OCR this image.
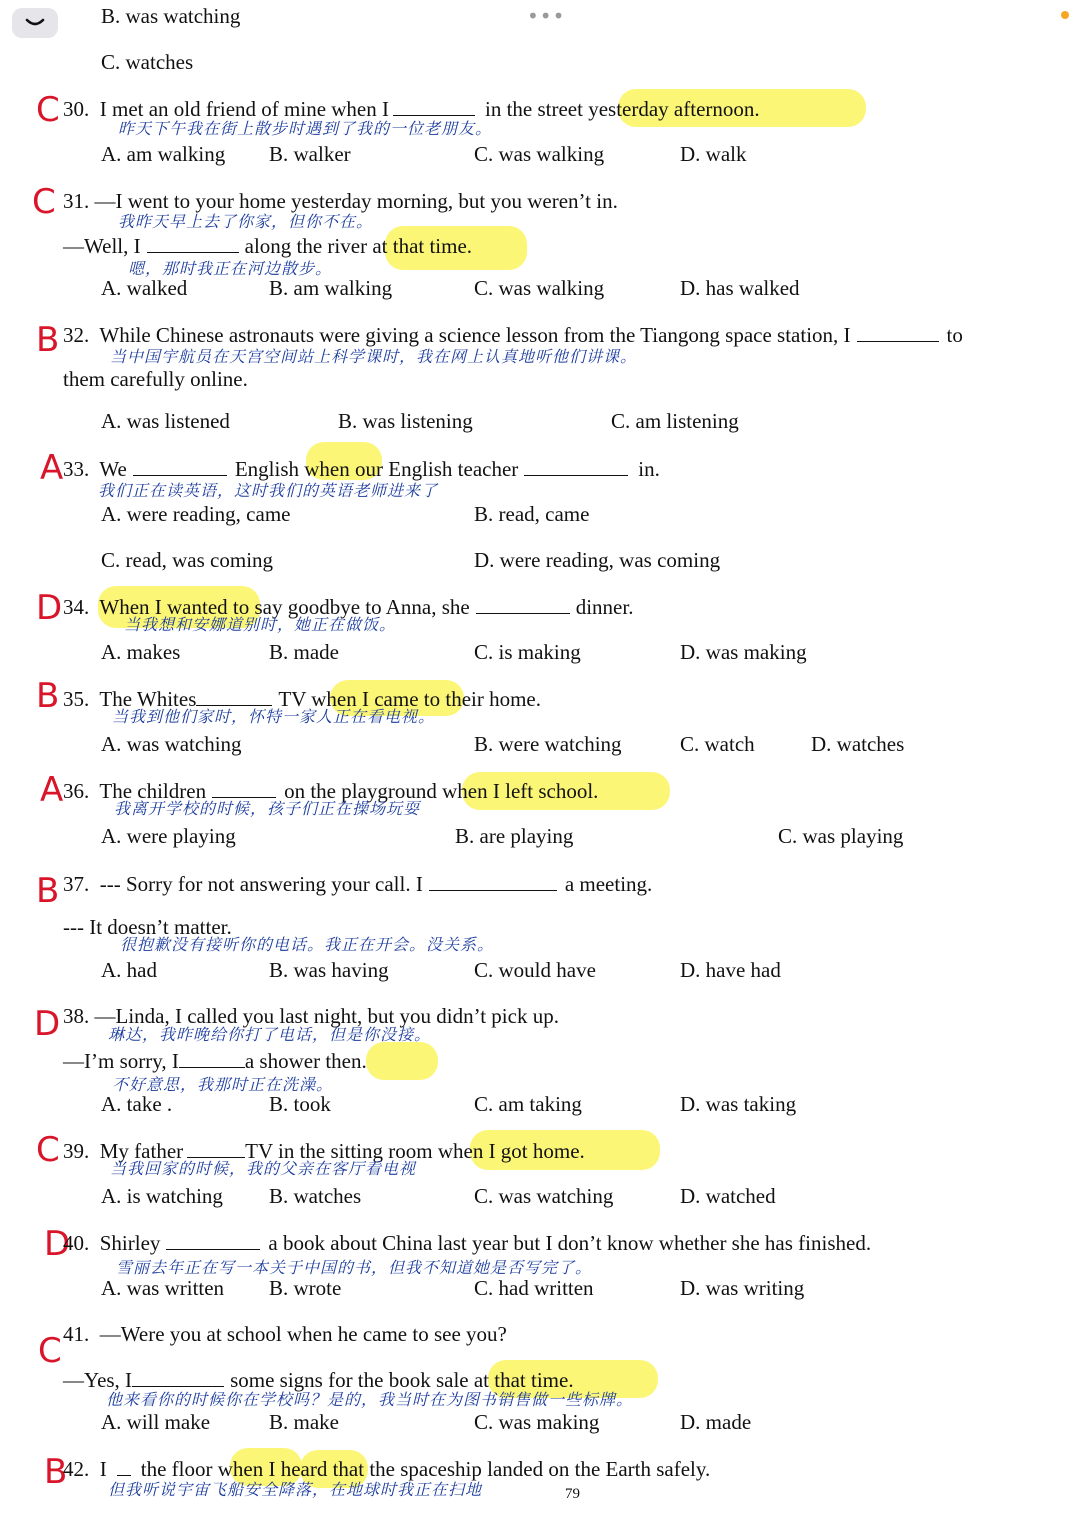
•••
B. was watching
C. watches
C 30. I met an old friend of mine when I	in the street yesterday afternoon.
昨天下午我在街上散步时遇到了我的一位老朋友。
A. am walking B. walker	C. was walking	D. walk
C 31. —I went to your home yesterday morning, but you weren’t in.
我昨天早上去了你家，但你不在。
—Well, I	along the river at that time.
嗯，那时我正在河边散步。
A. walked	B. am walking	C. was walking	D. has walked
B 32. While Chinese astronauts were giving a science lesson from the Tiangong space station, I	to
当中国宇航员在天宫空间站上科学课时，我在网上认真地听他们讲课。
them carefully online.
A. was listened	B. was listening	C. am listening
A 33. We	English when our English teacher	in.
我们正在读英语，这时我们的英语老师进来了
A. were reading, came	B. read, came
C. read, was coming	D. were reading, was coming
D 34. When I wanted to say goodbye to Anna, she	dinner.
当我想和安娜道别时，她正在做饭。
A. makes	B. made	C. is making	D. was making
B 35. The Whites	TV when I came to their home.
当我到他们家时，怀特一家人正在看电视。
A. was watching	B. were watching	C. watch	D. watches
A 36. The children	on the playground when I left school.
我离开学校的时候，孩子们正在操场玩耍
A. were playing	B. are playing	C. was playing
B 37. --- Sorry for not answering your call. I	a meeting.
--- It doesn’t matter.
很抱歉没有接听你的电话。我正在开会。没关系。
A. had	B. was having	C. would have	D. have had
D 38. —Linda, I called you last night, but you didn’t pick up.
琳达，我昨晚给你打了电话，但是你没接。
—I’m sorry, I	a shower then.
不好意思，我那时正在洗澡。
A. take .	B. took	C. am taking	D. was taking
C 39. My father	TV in the sitting room when I got home.
当我回家的时候，我的父亲在客厅看电视
A. is watching B. watches	C. was watching	D. watched
D
40. Shirley	a book about China last year but I don’t know whether she has finished.
雪丽去年正在写一本关于中国的书，但我不知道她是否写完了。
A. was written B. wrote	C. had written	D. was writing
C 41. —Were you at school when he came to see you?
—Yes, I	some signs for the book sale at that time.
他来看你的时候你在学校吗？是的，我当时在为图书销售做一些标牌。
A. will make	B. make	C. was making	D. made
B
42. I the floor when I heard that the spaceship landed on the Earth safely.
但我听说宇宙飞船安全降落，在地球时我正在扫地	79
